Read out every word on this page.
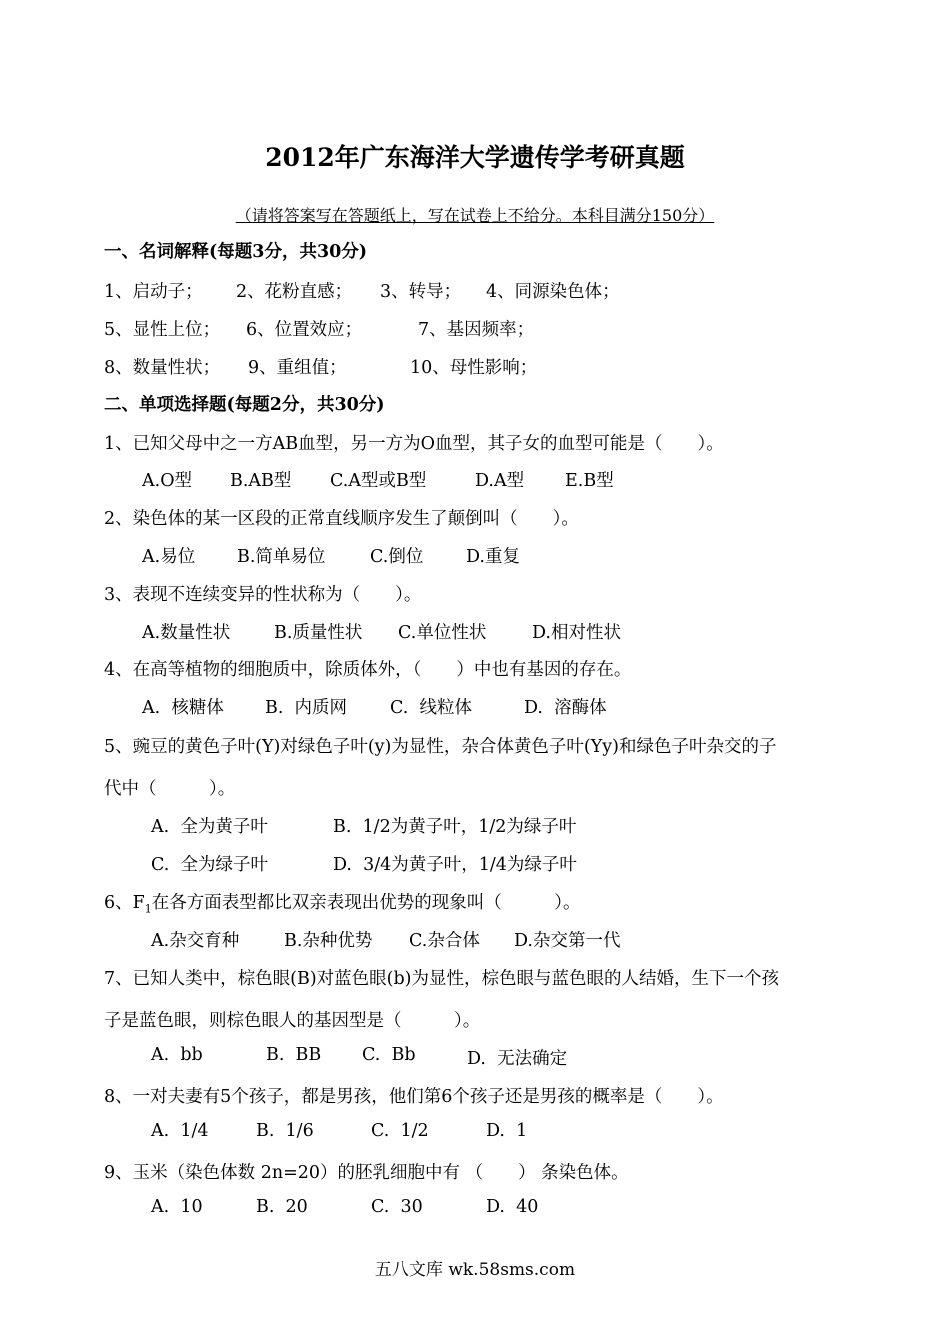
2012年广东海洋大学遗传学考研真题
（请将答案写在答题纸上，写在试卷上不给分。本科目满分150分）
一、名词解释(每题3分，共30分)
1、启动子； 2、花粉直感； 3、转导； 4、同源染色体；
5、显性上位； 6、位置效应；	7、基因频率；
8、数量性状； 9、重组值；	10、母性影响；
二、单项选择题(每题2分，共30分)
1、已知父母中之一方AB血型，另一方为O血型，其子女的血型可能是（　　）。
A.O型 B.AB型 C.A型或B型	D.A型 E.B型
2、染色体的某一区段的正常直线顺序发生了颠倒叫（　　）。
A.易位 B.简单易位	C.倒位 D.重复
3、表现不连续变异的性状称为（　　）。
A.数量性状	B.质量性状 C.单位性状	D.相对性状
4、在高等植物的细胞质中，除质体外，（　　）中也有基因的存在。
A.  核糖体 B.  内质网 C.  线粒体	D.  溶酶体
5、豌豆的黄色子叶(Y)对绿色子叶(y)为显性，杂合体黄色子叶(Yy)和绿色子叶杂交的子
代中（　　　）。
A.  全为黄子叶	B.  1/2为黄子叶，1/2为绿子叶
C.  全为绿子叶	D.  3/4为黄子叶，1/4为绿子叶
6、$F_1$在各方面表型都比双亲表现出优势的现象叫（　　　）。
A.杂交育种	B.杂种优势 C.杂合体 D.杂交第一代
7、已知人类中，棕色眼(B)对蓝色眼(b)为显性，棕色眼与蓝色眼的人结婚，生下一个孩
子是蓝色眼，则棕色眼人的基因型是（　　　）。
A.  bb	B.  BB C.  Bb	D.  无法确定
8、一对夫妻有5个孩子，都是男孩，他们第6个孩子还是男孩的概率是（　　）。
A.  1/4	B.  1/6	C.  1/2	D.  1
9、玉米（染色体数 2n=20）的胚乳细胞中有 （　　） 条染色体。
A.  10	B.  20	C.  30	D.  40
五八文库 wk.58sms.com
